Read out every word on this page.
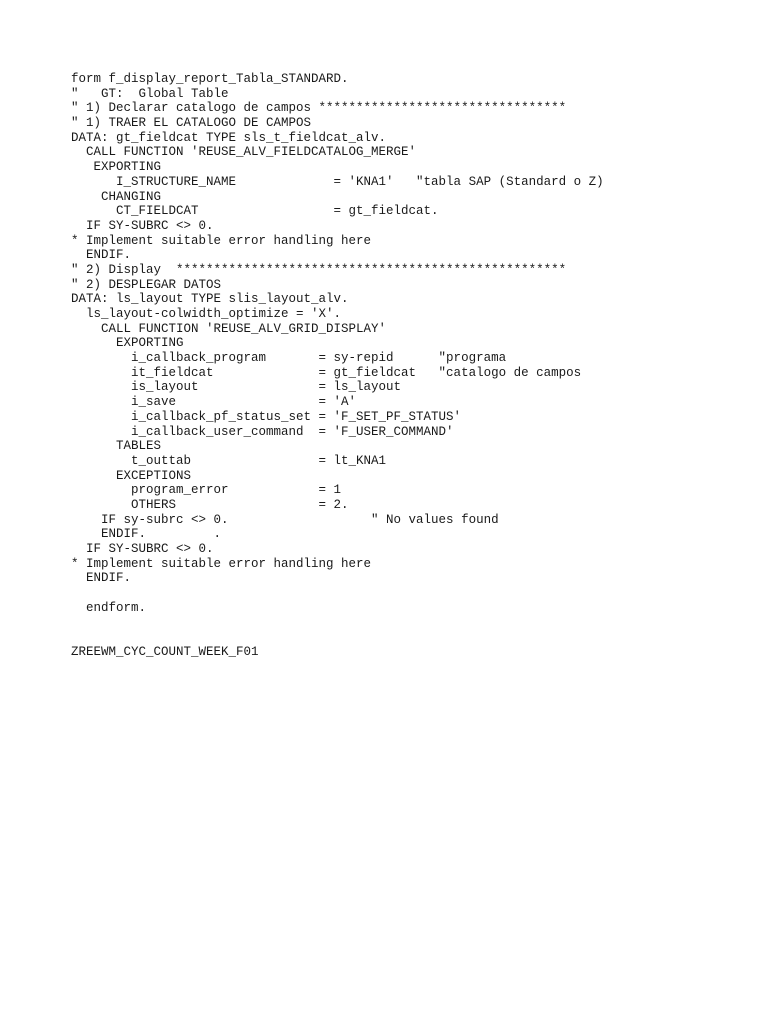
form f_display_report_Tabla_STANDARD.
"   GT:  Global Table
" 1) Declarar catalogo de campos *********************************
" 1) TRAER EL CATALOGO DE CAMPOS
DATA: gt_fieldcat TYPE sls_t_fieldcat_alv.
CALL FUNCTION 'REUSE_ALV_FIELDCATALOG_MERGE'
EXPORTING
I_STRUCTURE_NAME             = 'KNA1'   "tabla SAP (Standard o Z)
CHANGING
CT_FIELDCAT                  = gt_fieldcat.
IF SY-SUBRC <> 0.
* Implement suitable error handling here
ENDIF.
" 2) Display  ****************************************************
" 2) DESPLEGAR DATOS
DATA: ls_layout TYPE slis_layout_alv.
ls_layout-colwidth_optimize = 'X'.
CALL FUNCTION 'REUSE_ALV_GRID_DISPLAY'
EXPORTING
i_callback_program       = sy-repid      "programa
it_fieldcat              = gt_fieldcat   "catalogo de campos
is_layout                = ls_layout
i_save                   = 'A'
i_callback_pf_status_set = 'F_SET_PF_STATUS'
i_callback_user_command  = 'F_USER_COMMAND'
TABLES
t_outtab                 = lt_KNA1
EXCEPTIONS
program_error            = 1
OTHERS                   = 2.
IF sy-subrc <> 0.                   " No values found
ENDIF.         .
IF SY-SUBRC <> 0.
* Implement suitable error handling here
ENDIF.
endform.
ZREEWM_CYC_COUNT_WEEK_F01
